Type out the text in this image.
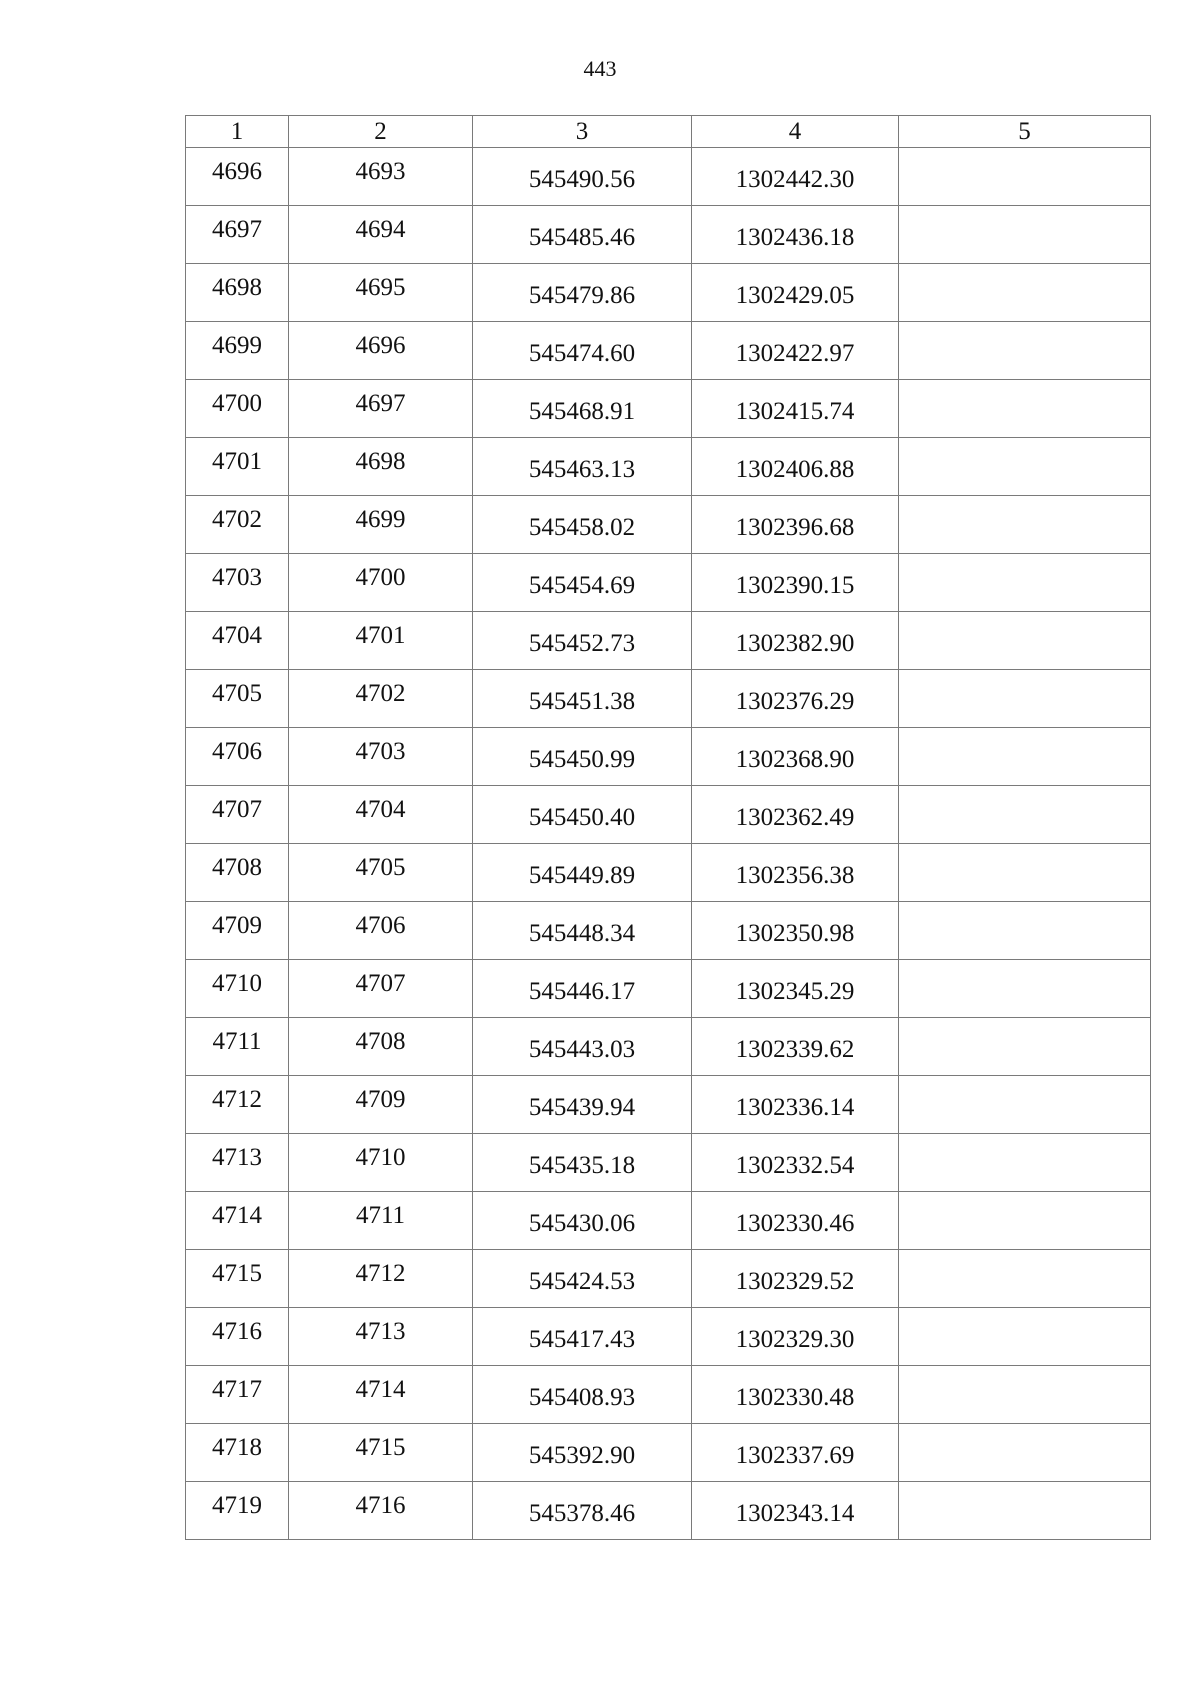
443
1	2	3	4	5
4696	4693	545490.56	1302442.30	
4697	4694	545485.46	1302436.18	
4698	4695	545479.86	1302429.05	
4699	4696	545474.60	1302422.97	
4700	4697	545468.91	1302415.74	
4701	4698	545463.13	1302406.88	
4702	4699	545458.02	1302396.68	
4703	4700	545454.69	1302390.15	
4704	4701	545452.73	1302382.90	
4705	4702	545451.38	1302376.29	
4706	4703	545450.99	1302368.90	
4707	4704	545450.40	1302362.49	
4708	4705	545449.89	1302356.38	
4709	4706	545448.34	1302350.98	
4710	4707	545446.17	1302345.29	
4711	4708	545443.03	1302339.62	
4712	4709	545439.94	1302336.14	
4713	4710	545435.18	1302332.54	
4714	4711	545430.06	1302330.46	
4715	4712	545424.53	1302329.52	
4716	4713	545417.43	1302329.30	
4717	4714	545408.93	1302330.48	
4718	4715	545392.90	1302337.69	
4719	4716	545378.46	1302343.14	
